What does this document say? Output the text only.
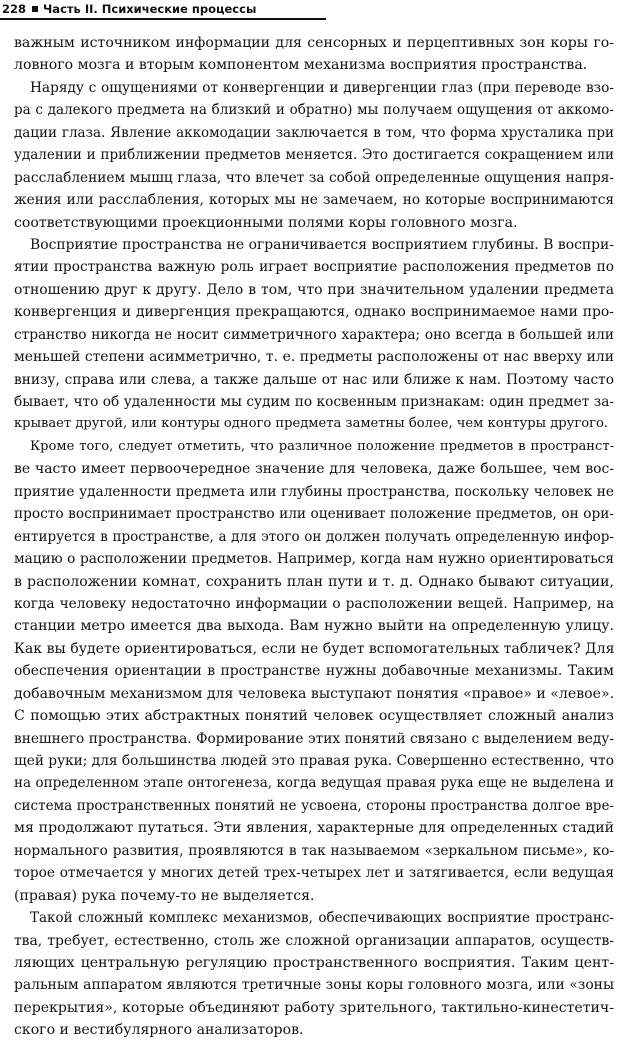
228 Часть II. Психические процессы
важным источником информации для сенсорных и перцептивных зон коры го-
ловного мозга и вторым компонентом механизма восприятия пространства.
Наряду с ощущениями от конвергенции и дивергенции глаз (при переводе взо-
ра с далекого предмета на близкий и обратно) мы получаем ощущения от аккомо-
дации глаза. Явление аккомодации заключается в том, что форма хрусталика при
удалении и приближении предметов меняется. Это достигается сокращением или
расслаблением мышц глаза, что влечет за собой определенные ощущения напря-
жения или расслабления, которых мы не замечаем, но которые воспринимаются
соответствующими проекционными полями коры головного мозга.
Восприятие пространства не ограничивается восприятием глубины. В воспри-
ятии пространства важную роль играет восприятие расположения предметов по
отношению друг к другу. Дело в том, что при значительном удалении предмета
конвергенция и дивергенция прекращаются, однако воспринимаемое нами про-
странство никогда не носит симметричного характера; оно всегда в большей или
меньшей степени асимметрично, т. е. предметы расположены от нас вверху или
внизу, справа или слева, а также дальше от нас или ближе к нам. Поэтому часто
бывает, что об удаленности мы судим по косвенным признакам: один предмет за-
крывает другой, или контуры одного предмета заметны более, чем контуры другого.
Кроме того, следует отметить, что различное положение предметов в пространст-
ве часто имеет первоочередное значение для человека, даже большее, чем вос-
приятие удаленности предмета или глубины пространства, поскольку человек не
просто воспринимает пространство или оценивает положение предметов, он ори-
ентируется в пространстве, а для этого он должен получать определенную инфор-
мацию о расположении предметов. Например, когда нам нужно ориентироваться
в расположении комнат, сохранить план пути и т. д. Однако бывают ситуации,
когда человеку недостаточно информации о расположении вещей. Например, на
станции метро имеется два выхода. Вам нужно выйти на определенную улицу.
Как вы будете ориентироваться, если не будет вспомогательных табличек? Для
обеспечения ориентации в пространстве нужны добавочные механизмы. Таким
добавочным механизмом для человека выступают понятия «правое» и «левое».
С помощью этих абстрактных понятий человек осуществляет сложный анализ
внешнего пространства. Формирование этих понятий связано с выделением веду-
щей руки; для большинства людей это правая рука. Совершенно естественно, что
на определенном этапе онтогенеза, когда ведущая правая рука еще не выделена и
система пространственных понятий не усвоена, стороны пространства долгое вре-
мя продолжают путаться. Эти явления, характерные для определенных стадий
нормального развития, проявляются в так называемом «зеркальном письме», ко-
торое отмечается у многих детей трех-четырех лет и затягивается, если ведущая
(правая) рука почему-то не выделяется.
Такой сложный комплекс механизмов, обеспечивающих восприятие пространс-
тва, требует, естественно, столь же сложной организации аппаратов, осуществ-
ляющих центральную регуляцию пространственного восприятия. Таким цент-
ральным аппаратом являются третичные зоны коры головного мозга, или «зоны
перекрытия», которые объединяют работу зрительного, тактильно-кинестетич-
ского и вестибулярного анализаторов.
